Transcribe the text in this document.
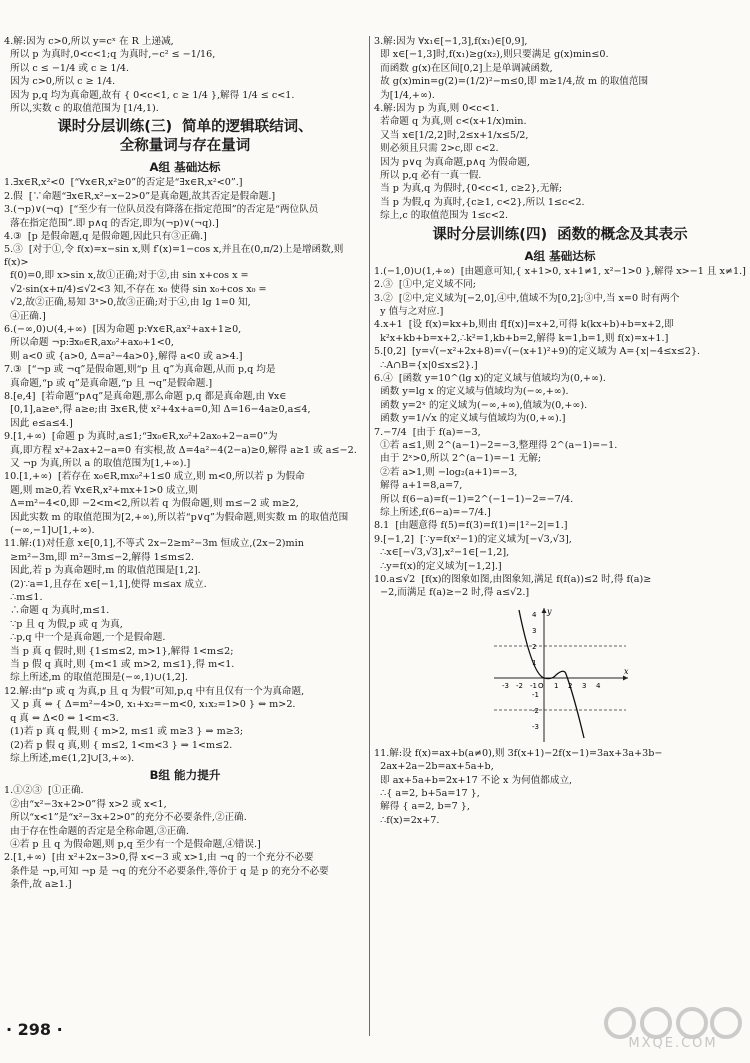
4.解:因为 c>0,所以 y=cˣ 在 R 上递减,
所以 p 为真时,0<c<1;q 为真时,−c² ≤ −1/16,
所以 c ≤ −1/4 或 c ≥ 1/4.
因为 c>0,所以 c ≥ 1/4.
因为 p,q 均为真命题,故有 { 0<c<1, c ≥ 1/4 },解得 1/4 ≤ c<1.
所以,实数 c 的取值范围为 [1/4,1).
课时分层训练(三)  简单的逻辑联结词、
全称量词与存在量词
A组 基础达标
1.∃x∈R,x²<0  [“∀x∈R,x²≥0”的否定是“∃x∈R,x²<0”.]
2.假  [∵命题“∃x∈R,x²−x−2>0”是真命题,故其否定是假命题.]
3.(¬p)∨(¬q)  [“至少有一位队员没有降落在指定范围”的否定是“两位队员
落在指定范围”.即 p∧q 的否定,即为(¬p)∨(¬q).]
4.③  [p 是假命题,q 是假命题,因此只有③正确.]
5.③  [对于①,令 f(x)=x−sin x,则 f′(x)=1−cos x,并且在(0,π/2)上是增函数,则 f(x)>
f(0)=0,即 x>sin x,故①正确;对于②,由 sin x+cos x =
√2·sin(x+π/4)≤√2<3 知,不存在 x₀ 使得 sin x₀+cos x₀ =
√2,故②正确,易知 3ˣ>0,故③正确;对于④,由 lg 1=0 知,
④正确.]
6.(−∞,0)∪(4,+∞)  [因为命题 p:∀x∈R,ax²+ax+1≥0,
所以命题 ¬p:∃x₀∈R,ax₀²+ax₀+1<0,
则 a<0 或 {a>0, Δ=a²−4a>0},解得 a<0 或 a>4.]
7.③  [“¬p 或 ¬q”是假命题,则“p 且 q”为真命题,从而 p,q 均是
真命题,“p 或 q”是真命题,“p 且 ¬q”是假命题.]
8.[e,4]  [若命题“p∧q”是真命题,那么命题 p,q 都是真命题,由 ∀x∈
[0,1],a≥eˣ,得 a≥e;由 ∃x∈R,使 x²+4x+a=0,知 Δ=16−4a≥0,a≤4,
因此 e≤a≤4.]
9.[1,+∞)  [命题 p 为真时,a≤1;“∃x₀∈R,x₀²+2ax₀+2−a=0”为
真,即方程 x²+2ax+2−a=0 有实根,故 Δ=4a²−4(2−a)≥0,解得 a≥1 或 a≤−2.
又 ¬p 为真,所以 a 的取值范围为[1,+∞).]
10.[1,+∞)  [若存在 x₀∈R,mx₀²+1≤0 成立,则 m<0,所以若 p 为假命
题,则 m≥0,若 ∀x∈R,x²+mx+1>0 成立,则
Δ=m²−4<0,即 −2<m<2,所以若 q 为假命题,则 m≤−2 或 m≥2,
因此实数 m 的取值范围为[2,+∞),所以若“p∨q”为假命题,则实数 m 的取值范围
(−∞,−1]∪[1,+∞).
11.解:(1)对任意 x∈[0,1],不等式 2x−2≥m²−3m 恒成立,(2x−2)min
≥m²−3m,即 m²−3m≤−2,解得 1≤m≤2.
因此,若 p 为真命题时,m 的取值范围是[1,2].
(2)∵a=1,且存在 x∈[−1,1],使得 m≤ax 成立.
∴m≤1.
∴命题 q 为真时,m≤1.
∵p 且 q 为假,p 或 q 为真,
∴p,q 中一个是真命题,一个是假命题.
当 p 真 q 假时,则 {1≤m≤2, m>1},解得 1<m≤2;
当 p 假 q 真时,则 {m<1 或 m>2, m≤1},得 m<1.
综上所述,m 的取值范围是(−∞,1)∪(1,2].
12.解:由“p 或 q 为真,p 且 q 为假”可知,p,q 中有且仅有一个为真命题,
又 p 真 ⇔ { Δ=m²−4>0, x₁+x₂=−m<0, x₁x₂=1>0 } ⇔ m>2.
q 真 ⇔ Δ<0 ⇔ 1<m<3.
(1)若 p 真 q 假,则 { m>2, m≤1 或 m≥3 } ⇒ m≥3;
(2)若 p 假 q 真,则 { m≤2, 1<m<3 } ⇒ 1<m≤2.
综上所述,m∈(1,2]∪[3,+∞).
B组 能力提升
1.①②③  [①正确.
②由“x²−3x+2>0”得 x>2 或 x<1,
所以“x<1”是“x²−3x+2>0”的充分不必要条件,②正确.
由于存在性命题的否定是全称命题,③正确.
④若 p 且 q 为假命题,则 p,q 至少有一个是假命题,④错误.]
2.[1,+∞)  [由 x²+2x−3>0,得 x<−3 或 x>1,由 ¬q 的一个充分不必要
条件是 ¬p,可知 ¬p 是 ¬q 的充分不必要条件,等价于 q 是 p 的充分不必要
条件,故 a≥1.]
3.解:因为 ∀x₁∈[−1,3],f(x₁)∈[0,9],
即 x∈[−1,3]时,f(x₁)≥g(x₂),则只要满足 g(x)min≤0.
而函数 g(x)在区间[0,2]上是单调减函数,
故 g(x)min=g(2)=(1/2)²−m≤0,即 m≥1/4,故 m 的取值范围
为[1/4,+∞).
4.解:因为 p 为真,则 0<c<1.
若命题 q 为真,则 c<(x+1/x)min.
又当 x∈[1/2,2]时,2≤x+1/x≤5/2,
则必须且只需 2>c,即 c<2.
因为 p∨q 为真命题,p∧q 为假命题,
所以 p,q 必有一真一假.
当 p 为真,q 为假时,{0<c<1, c≥2},无解;
当 p 为假,q 为真时,{c≥1, c<2},所以 1≤c<2.
综上,c 的取值范围为 1≤c<2.
课时分层训练(四)  函数的概念及其表示
A组 基础达标
1.(−1,0)∪(1,+∞)  [由题意可知,{ x+1>0, x+1≠1, x²−1>0 },解得 x>−1 且 x≠1.]
2.③  [①中,定义域不同;
3.②  [②中,定义域为[−2,0],④中,值域不为[0,2];③中,当 x=0 时有两个
y 值与之对应.]
4.x+1  [设 f(x)=kx+b,则由 f[f(x)]=x+2,可得 k(kx+b)+b=x+2,即
k²x+kb+b=x+2,∴k²=1,kb+b=2,解得 k=1,b=1,则 f(x)=x+1.]
5.[0,2]  [y=√(−x²+2x+8)=√(−(x+1)²+9)的定义域为 A={x|−4≤x≤2}.
∴A∩B={x|0≤x≤2}.]
6.④  [函数 y=10^(lg x)的定义域与值域均为(0,+∞).
函数 y=lg x 的定义域与值域均为(−∞,+∞).
函数 y=2ˣ 的定义域为(−∞,+∞),值域为(0,+∞).
函数 y=1/√x 的定义域与值域均为(0,+∞).]
7.−7/4  [由于 f(a)=−3,
①若 a≤1,则 2^(a−1)−2=−3,整理得 2^(a−1)=−1.
由于 2ˣ>0,所以 2^(a−1)=−1 无解;
②若 a>1,则 −log₂(a+1)=−3,
解得 a+1=8,a=7,
所以 f(6−a)=f(−1)=2^(−1−1)−2=−7/4.
综上所述,f(6−a)=−7/4.]
8.1  [由题意得 f(5)=f(3)=f(1)=|1²−2|=1.]
9.[−1,2]  [∵y=f(x²−1)的定义域为[−√3,√3],
∴x∈[−√3,√3],x²−1∈[−1,2],
∴y=f(x)的定义域为[−1,2].]
10.a≤√2  [f(x)的图象如图,由图象知,满足 f(f(a))≤2 时,得 f(a)≥
−2,而满足 f(a)≥−2 时,得 a≤√2.]
-3 -2 -1 O 1 2 3 4
4
3
2
1
-1
-2
-3
x
y
11.解:设 f(x)=ax+b(a≠0),则 3f(x+1)−2f(x−1)=3ax+3a+3b−
2ax+2a−2b=ax+5a+b,
即 ax+5a+b=2x+17 不论 x 为何值都成立,
∴{ a=2, b+5a=17 },
解得 { a=2, b=7 },
∴f(x)=2x+7.
· 298 ·
MXQE.COM
